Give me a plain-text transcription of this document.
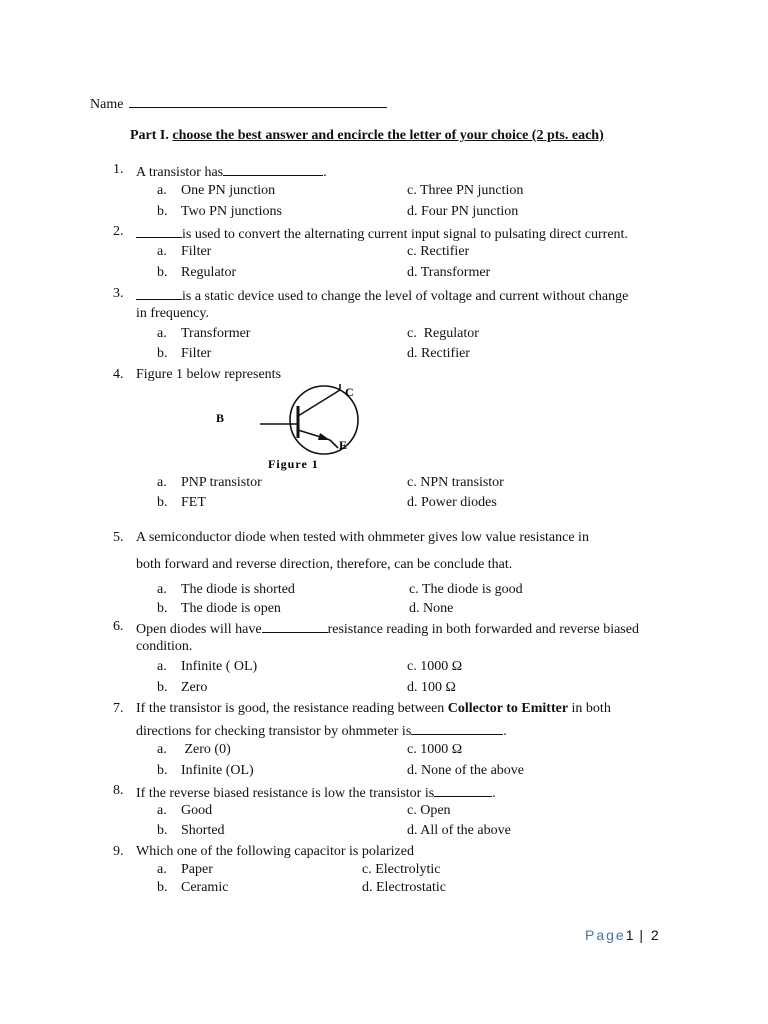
Name
Part I. choose the best answer and encircle the letter of your choice (2 pts. each)
1. A transistor has	.
a. One PN junction	c. Three PN junction
b. Two PN junctions	d. Four PN junction
2.	is used to convert the alternating current input signal to pulsating direct current.
a. Filter	c. Rectifier
b. Regulator	d. Transformer
3.	is a static device used to change the level of voltage and current without change
in frequency.
a. Transformer	c. Regulator
b. Filter	d. Rectifier
4. Figure 1 below represents
C
B
E
Figure 1
a. PNP transistor	c. NPN transistor
b. FET	d. Power diodes
5. A semiconductor diode when tested with ohmmeter gives low value resistance in
both forward and reverse direction, therefore, can be conclude that.
a. The diode is shorted	c. The diode is good
b. The diode is open	d. None
6. Open diodes will have	resistance reading in both forwarded and reverse biased
condition.
a. Infinite ( OL)	c. 1000 Ω
b. Zero	d. 100 Ω
7. If the transistor is good, the resistance reading between Collector to Emitter in both
directions for checking transistor by ohmmeter is	.
a. Zero (0)	c. 1000 Ω
b. Infinite (OL)	d. None of the above
8. If the reverse biased resistance is low the transistor is	.
a. Good	c. Open
b. Shorted	d. All of the above
9. Which one of the following capacitor is polarized
a. Paper	c. Electrolytic
b. Ceramic	d. Electrostatic
Page1 | 2
